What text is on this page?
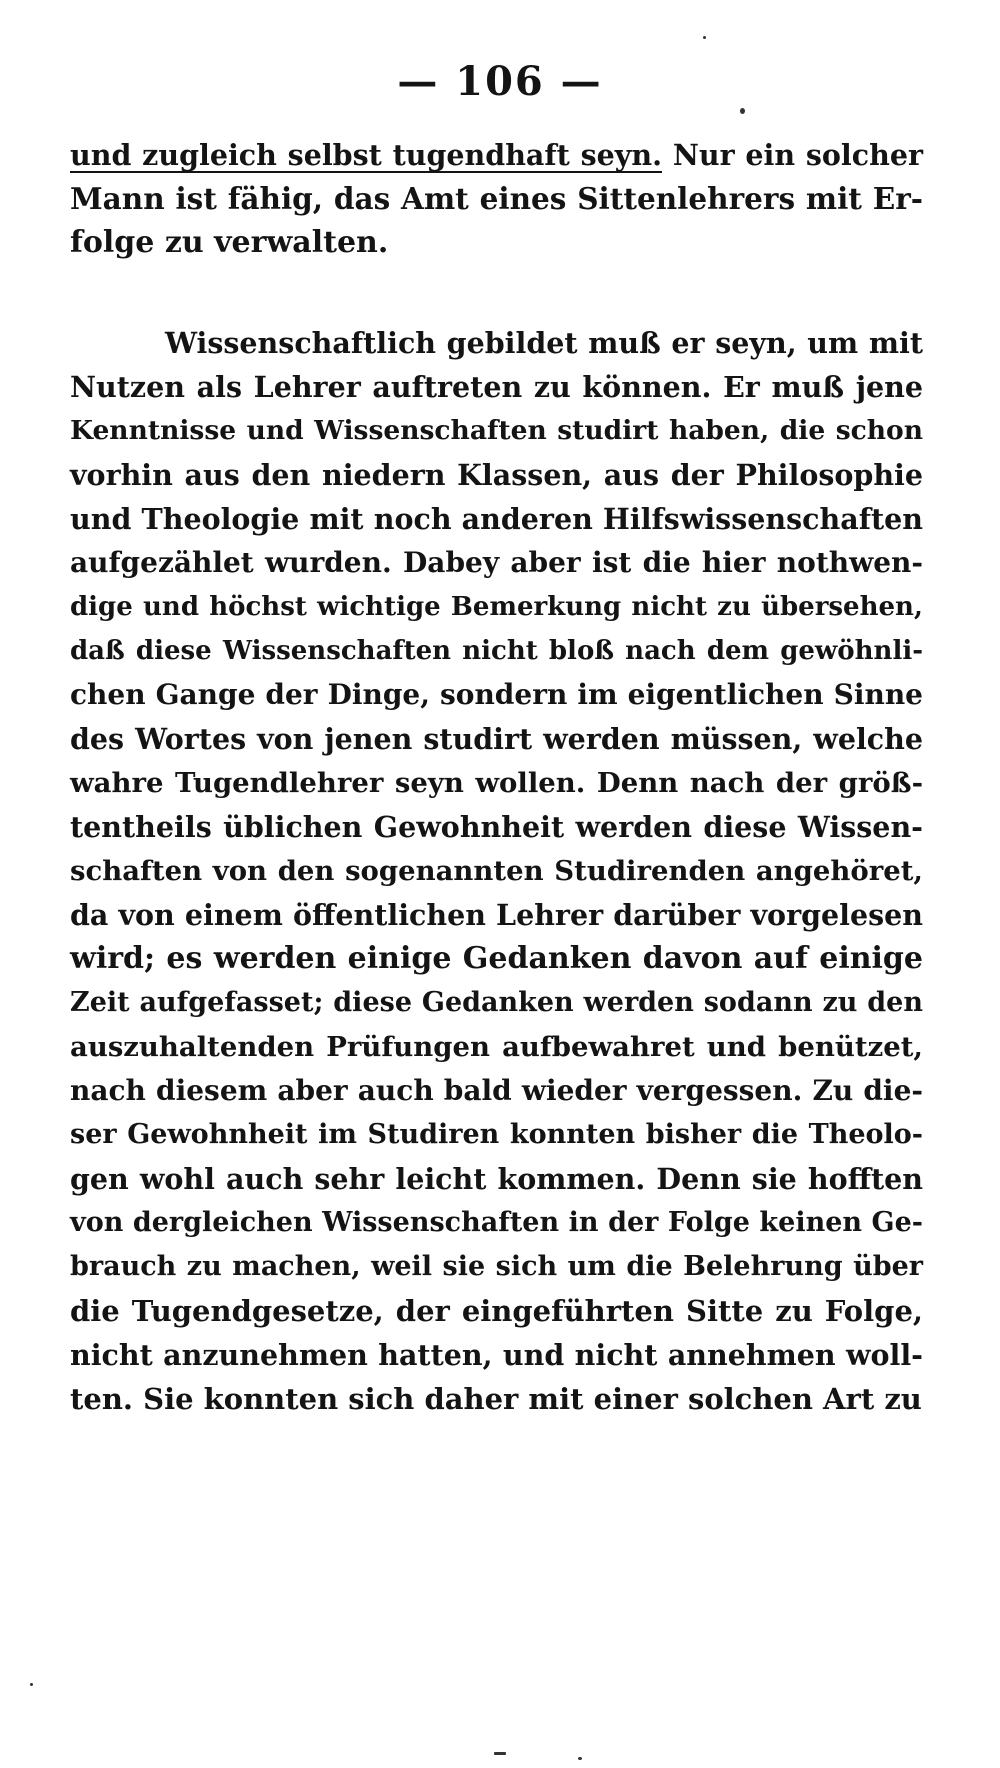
— 106 —
und zugleich selbst tugendhaft seyn. Nur ein solcher
Mann ist fähig, das Amt eines Sittenlehrers mit Er-
folge zu verwalten.
Wissenschaftlich gebildet muß er seyn, um mit
Nutzen als Lehrer auftreten zu können. Er muß jene
Kenntnisse und Wissenschaften studirt haben, die schon
vorhin aus den niedern Klassen, aus der Philosophie
und Theologie mit noch anderen Hilfswissenschaften
aufgezählet wurden. Dabey aber ist die hier nothwen-
dige und höchst wichtige Bemerkung nicht zu übersehen,
daß diese Wissenschaften nicht bloß nach dem gewöhnli-
chen Gange der Dinge, sondern im eigentlichen Sinne
des Wortes von jenen studirt werden müssen, welche
wahre Tugendlehrer seyn wollen. Denn nach der größ-
tentheils üblichen Gewohnheit werden diese Wissen-
schaften von den sogenannten Studirenden angehöret,
da von einem öffentlichen Lehrer darüber vorgelesen
wird; es werden einige Gedanken davon auf einige
Zeit aufgefasset; diese Gedanken werden sodann zu den
auszuhaltenden Prüfungen aufbewahret und benützet,
nach diesem aber auch bald wieder vergessen. Zu die-
ser Gewohnheit im Studiren konnten bisher die Theolo-
gen wohl auch sehr leicht kommen. Denn sie hofften
von dergleichen Wissenschaften in der Folge keinen Ge-
brauch zu machen, weil sie sich um die Belehrung über
die Tugendgesetze, der eingeführten Sitte zu Folge,
nicht anzunehmen hatten, und nicht annehmen woll-
ten. Sie konnten sich daher mit einer solchen Art zu
